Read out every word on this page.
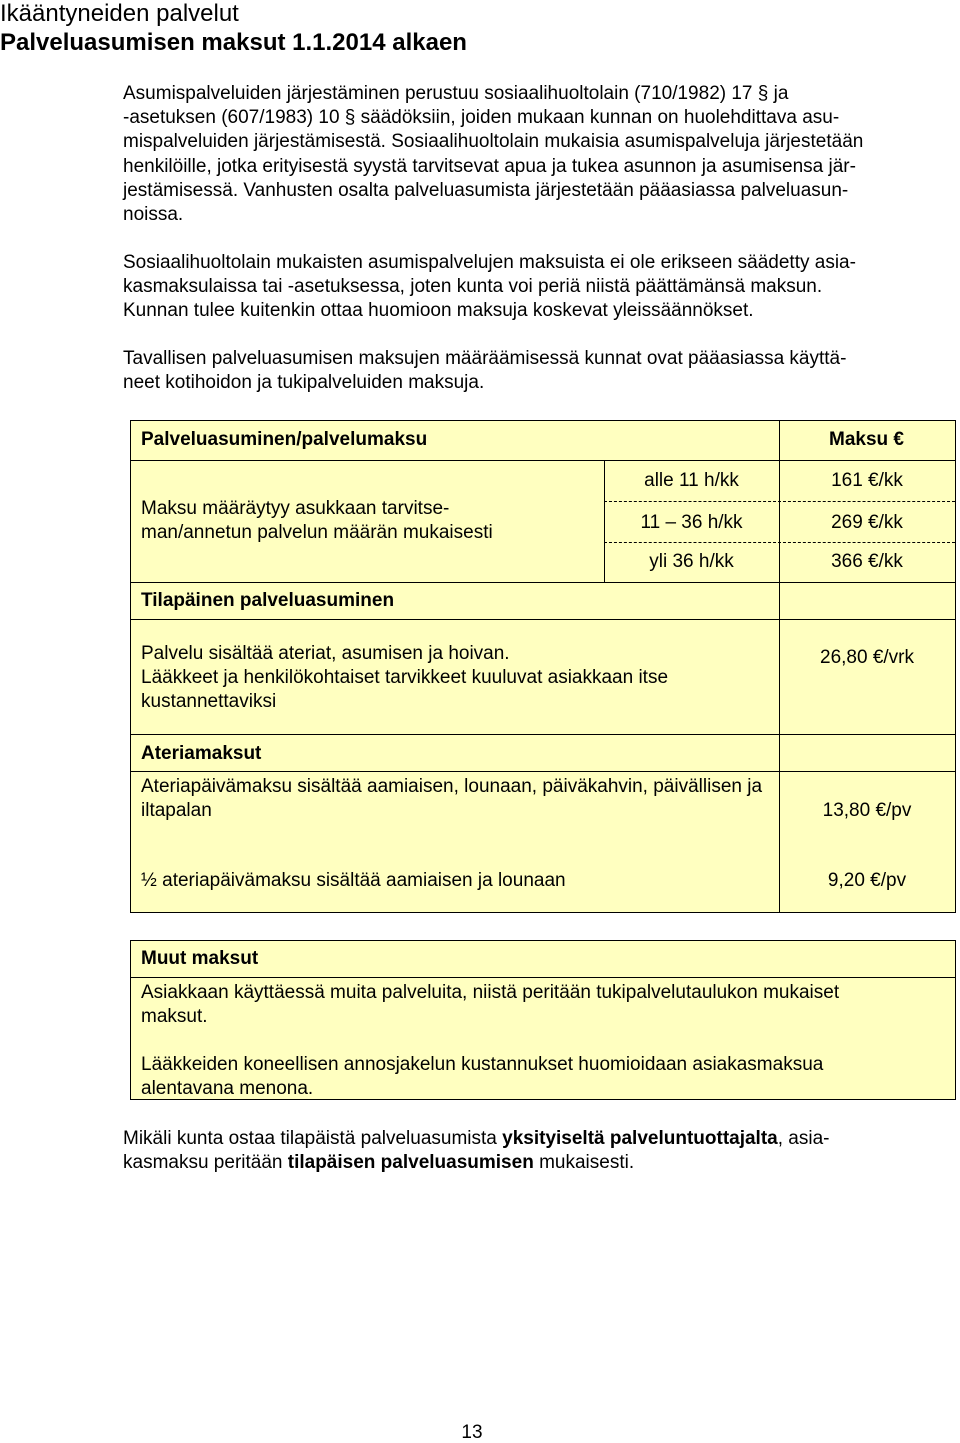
Ikääntyneiden palvelut
Palveluasumisen maksut 1.1.2014 alkaen
Asumispalveluiden järjestäminen perustuu sosiaalihuoltolain (710/1982) 17 § ja
-asetuksen (607/1983) 10 § säädöksiin, joiden mukaan kunnan on huolehdittava asu-
mispalveluiden järjestämisestä. Sosiaalihuoltolain mukaisia asumispalveluja järjestetään
henkilöille, jotka erityisestä syystä tarvitsevat apua ja tukea asunnon ja asumisensa jär-
jestämisessä. Vanhusten osalta palveluasumista järjestetään pääasiassa palveluasun-
noissa.
Sosiaalihuoltolain mukaisten asumispalvelujen maksuista ei ole erikseen säädetty asia-
kasmaksulaissa tai -asetuksessa, joten kunta voi periä niistä päättämänsä maksun.
Kunnan tulee kuitenkin ottaa huomioon maksuja koskevat yleissäännökset.
Tavallisen palveluasumisen maksujen määräämisessä kunnat ovat pääasiassa käyttä-
neet kotihoidon ja tukipalveluiden maksuja.
Palveluasuminen/palvelumaksu	Maksu €
Maksu määräytyy asukkaan tarvitse-
man/annetun palvelun määrän mukaisesti
alle 11 h/kk	161 €/kk
11 – 36 h/kk	269 €/kk
yli 36 h/kk	366 €/kk
Tilapäinen palveluasuminen
Palvelu sisältää ateriat, asumisen ja hoivan.
Lääkkeet ja henkilökohtaiset tarvikkeet kuuluvat asiakkaan itse
kustannettaviksi
26,80 €/vrk
Ateriamaksut
Ateriapäivämaksu sisältää aamiaisen, lounaan, päiväkahvin, päivällisen ja
iltapalan	13,80 €/pv
½ ateriapäivämaksu sisältää aamiaisen ja lounaan	9,20 €/pv
Muut maksut
Asiakkaan käyttäessä muita palveluita, niistä peritään tukipalvelutaulukon mukaiset
maksut.
Lääkkeiden koneellisen annosjakelun kustannukset huomioidaan asiakasmaksua
alentavana menona.
Mikäli kunta ostaa tilapäistä palveluasumista yksityiseltä palveluntuottajalta, asia-
kasmaksu peritään tilapäisen palveluasumisen mukaisesti.
13
